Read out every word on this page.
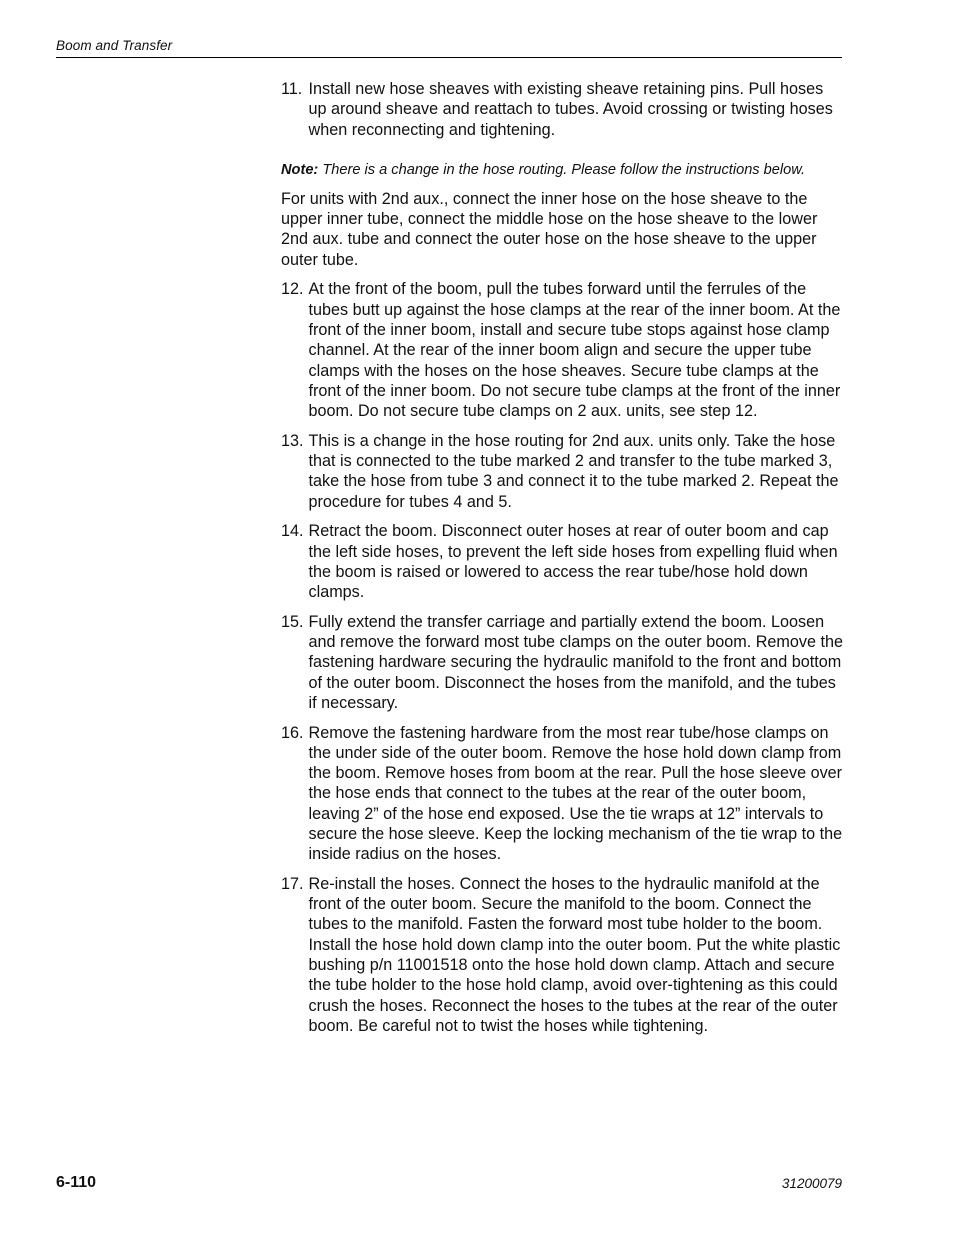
Boom and Transfer
11. Install new hose sheaves with existing sheave retaining pins. Pull hoses up around sheave and reattach to tubes. Avoid crossing or twisting hoses when reconnecting and tightening.
Note: There is a change in the hose routing. Please follow the instructions below.
For units with 2nd aux., connect the inner hose on the hose sheave to the upper inner tube, connect the middle hose on the hose sheave to the lower 2nd aux. tube and connect the outer hose on the hose sheave to the upper outer tube.
12. At the front of the boom, pull the tubes forward until the ferrules of the tubes butt up against the hose clamps at the rear of the inner boom. At the front of the inner boom, install and secure tube stops against hose clamp channel. At the rear of the inner boom align and secure the upper tube clamps with the hoses on the hose sheaves. Secure tube clamps at the front of the inner boom. Do not secure tube clamps at the front of the inner boom. Do not secure tube clamps on 2 aux. units, see step 12.
13. This is a change in the hose routing for 2nd aux. units only. Take the hose that is connected to the tube marked 2 and transfer to the tube marked 3, take the hose from tube 3 and connect it to the tube marked 2. Repeat the procedure for tubes 4 and 5.
14. Retract the boom. Disconnect outer hoses at rear of outer boom and cap the left side hoses, to prevent the left side hoses from expelling fluid when the boom is raised or lowered to access the rear tube/hose hold down clamps.
15. Fully extend the transfer carriage and partially extend the boom. Loosen and remove the forward most tube clamps on the outer boom. Remove the fastening hardware securing the hydraulic manifold to the front and bottom of the outer boom. Disconnect the hoses from the manifold, and the tubes if necessary.
16. Remove the fastening hardware from the most rear tube/hose clamps on the under side of the outer boom. Remove the hose hold down clamp from the boom. Remove hoses from boom at the rear. Pull the hose sleeve over the hose ends that connect to the tubes at the rear of the outer boom, leaving 2” of the hose end exposed. Use the tie wraps at 12” intervals to secure the hose sleeve. Keep the locking mechanism of the tie wrap to the inside radius on the hoses.
17. Re-install the hoses. Connect the hoses to the hydraulic manifold at the front of the outer boom. Secure the manifold to the boom. Connect the tubes to the manifold. Fasten the forward most tube holder to the boom. Install the hose hold down clamp into the outer boom. Put the white plastic bushing p/n 11001518 onto the hose hold down clamp. Attach and secure the tube holder to the hose hold clamp, avoid over-tightening as this could crush the hoses. Reconnect the hoses to the tubes at the rear of the outer boom. Be careful not to twist the hoses while tightening.
6-110	31200079
